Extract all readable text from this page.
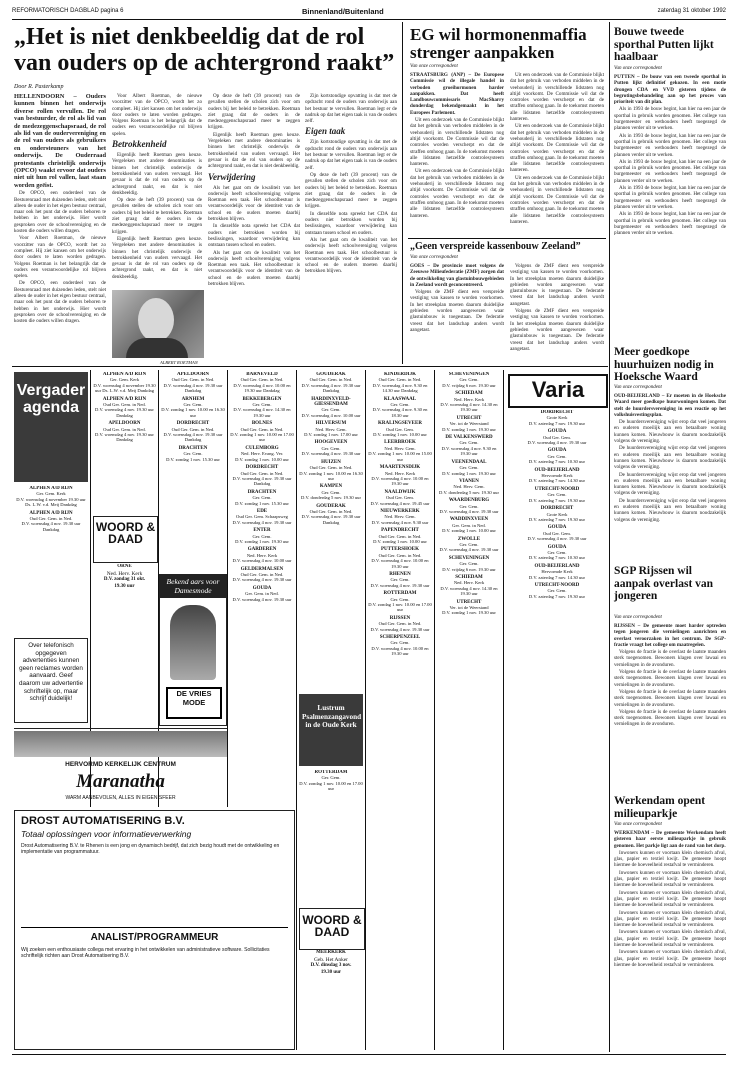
REFORMATORISCH DAGBLAD pagina 6	Binnenland/Buitenland	zaterdag 31 oktober 1992
„Het is niet denkbeeldig dat de rol van ouders op de achtergrond raakt”
Door R. Pasterkamp

HELLENDOORN – Ouders kunnen binnen het onderwijs diverse rollen vervullen. De rol van bestuurder, de rol als lid van de medezeggenschapsraad, de rol als lid van de oudervereniging en de rol van ouders als gebruikers en ondersteuners van het onderwijs. De Ouderraad protestants christelijk onderwijs (OPCO) waakt ervoor dat ouders niet uit hun rol vallen, laat staan worden geëist.

De OPCO, een onderdeel van de Besturenraad met duizenden leden, stelt niet alleen de ouder in het eigen bestuur centraal, maar ook het punt dat de ouders behoren te hebben in het onderwijs. Hier wordt gesproken over de schoolvereniging en de kosten die ouders willen dragen.

Voor Albert Roetman, de nieuwe voorzitter van de OPCO, wordt het zo compleet. Hij ziet kansen om het onderwijs door ouders te laten worden gedragen. Volgens Roetman is het belangrijk dat de ouders een verantwoordelijke rol blijven spelen.

De OPCO, een onderdeel van de Besturenraad met duizenden leden, stelt niet alleen de ouder in het eigen bestuur centraal, maar ook het punt dat de ouders behoren te hebben in het onderwijs. Hier wordt gesproken over de schoolvereniging en de kosten die ouders willen dragen.

Voor Albert Roetman, de nieuwe voorzitter van de OPCO, wordt het zo compleet. Hij ziet kansen om het onderwijs door ouders te laten worden gedragen. Volgens Roetman is het belangrijk dat de ouders een verantwoordelijke rol blijven spelen.

Betrokkenheid

Eigenlijk heeft Roetman geen keuze. Vergeleken met andere denominaties is binnen het christelijk onderwijs de betrokkenheid van ouders vervaagd. Het gevaar is dat de rol van ouders op de achtergrond raakt, en dat is niet denkbeeldig.

Op deze de heft (39 procent) van de gevallen stellen de scholen zich voor om ouders bij het beleid te betrekken. Roetman ziet graag dat de ouders in de medezeggenschapsraad meer te zeggen krijgen.

Eigenlijk heeft Roetman geen keuze. Vergeleken met andere denominaties is binnen het christelijk onderwijs de betrokkenheid van ouders vervaagd. Het gevaar is dat de rol van ouders op de achtergrond raakt, en dat is niet denkbeeldig.

ALBERT ROETMAN

Op deze de heft (39 procent) van de gevallen stellen de scholen zich voor om ouders bij het beleid te betrekken. Roetman ziet graag dat de ouders in de medezeggenschapsraad meer te zeggen krijgen.

Eigenlijk heeft Roetman geen keuze. Vergeleken met andere denominaties is binnen het christelijk onderwijs de betrokkenheid van ouders vervaagd. Het gevaar is dat de rol van ouders op de achtergrond raakt, en dat is niet denkbeeldig.

Verwijdering

Als het gaat om de kwaliteit van het onderwijs heeft schoolvereniging volgens Roetman een taak. Het schoolbestuur is verantwoordelijk voor de identiteit van de school en de ouders moeten daarbij betrokken blijven.

In diezelfde nota spreekt het CDA dat ouders niet betrokken worden bij beslissingen, waardoor verwijdering kan ontstaan tussen school en ouders.

Als het gaat om de kwaliteit van het onderwijs heeft schoolvereniging volgens Roetman een taak. Het schoolbestuur is verantwoordelijk voor de identiteit van de school en de ouders moeten daarbij betrokken blijven.

Zijn kortstondige opvatting is dat met de opdracht rond de ouders van onderwijs aan het bestuur te vervullen. Roetman legt er de nadruk op dat het eigen taak is van de ouders zelf.

Eigen taak

Zijn kortstondige opvatting is dat met de opdracht rond de ouders van onderwijs aan het bestuur te vervullen. Roetman legt er de nadruk op dat het eigen taak is van de ouders zelf.

Op deze de heft (39 procent) van de gevallen stellen de scholen zich voor om ouders bij het beleid te betrekken. Roetman ziet graag dat de ouders in de medezeggenschapsraad meer te zeggen krijgen.

In diezelfde nota spreekt het CDA dat ouders niet betrokken worden bij beslissingen, waardoor verwijdering kan ontstaan tussen school en ouders.

Als het gaat om de kwaliteit van het onderwijs heeft schoolvereniging volgens Roetman een taak. Het schoolbestuur is verantwoordelijk voor de identiteit van de school en de ouders moeten daarbij betrokken blijven.

EG wil hormonenmaffia strenger aanpakken
Van onze correspondent

STRAATSBURG (ANP) – De Europese Commissie wil de illegale handel in verboden groeihormonen harder aanpakken. Dat heeft Landbouwcommissaris MacSharry donderdag bekendgemaakt in het Europees Parlement.

Uit een onderzoek van de Commissie blijkt dat het gebruik van verboden middelen in de veehouderij in verschillende lidstaten nog altijd voorkomt. De Commissie wil dat de controles worden verscherpt en dat de straffen omhoog gaan. In de toekomst moeten alle lidstaten hetzelfde controlesysteem hanteren.

Uit een onderzoek van de Commissie blijkt dat het gebruik van verboden middelen in de veehouderij in verschillende lidstaten nog altijd voorkomt. De Commissie wil dat de controles worden verscherpt en dat de straffen omhoog gaan. In de toekomst moeten alle lidstaten hetzelfde controlesysteem hanteren.

Uit een onderzoek van de Commissie blijkt dat het gebruik van verboden middelen in de veehouderij in verschillende lidstaten nog altijd voorkomt. De Commissie wil dat de controles worden verscherpt en dat de straffen omhoog gaan. In de toekomst moeten alle lidstaten hetzelfde controlesysteem hanteren.

Uit een onderzoek van de Commissie blijkt dat het gebruik van verboden middelen in de veehouderij in verschillende lidstaten nog altijd voorkomt. De Commissie wil dat de controles worden verscherpt en dat de straffen omhoog gaan. In de toekomst moeten alle lidstaten hetzelfde controlesysteem hanteren.

Uit een onderzoek van de Commissie blijkt dat het gebruik van verboden middelen in de veehouderij in verschillende lidstaten nog altijd voorkomt. De Commissie wil dat de controles worden verscherpt en dat de straffen omhoog gaan. In de toekomst moeten alle lidstaten hetzelfde controlesysteem hanteren.

„Geen verspreide kassenbouw Zeeland”
Van onze correspondent

GOES – De provincie moet volgens de Zeeuwse Milieufederatie (ZMF) zorgen dat de ontwikkeling van glastuinbouwgebieden in Zeeland wordt geconcentreerd.

Volgens de ZMF dient een verspreide vestiging van kassen te worden voorkomen. In het streekplan moeten daarom duidelijke gebieden worden aangewezen waar glastuinbouw is toegestaan. De federatie vreest dat het landschap anders wordt aangetast.

Volgens de ZMF dient een verspreide vestiging van kassen te worden voorkomen. In het streekplan moeten daarom duidelijke gebieden worden aangewezen waar glastuinbouw is toegestaan. De federatie vreest dat het landschap anders wordt aangetast.

Volgens de ZMF dient een verspreide vestiging van kassen te worden voorkomen. In het streekplan moeten daarom duidelijke gebieden worden aangewezen waar glastuinbouw is toegestaan. De federatie vreest dat het landschap anders wordt aangetast.

Bouwe tweede sporthal Putten lijkt haalbaar
Van onze correspondent

PUTTEN – De bouw van een tweede sporthal in Putten lijkt definitief gekozen. In een motie drongen CDA en VVD gisteren tijdens de begrotingsbehandeling aan op het proces van prioriteit van dit plan.

Als in 1993 de bouw begint, kan hier na een jaar de sporthal in gebruik worden genomen. Het college van burgemeester en wethouders heeft toegezegd de plannen verder uit te werken.

Als in 1993 de bouw begint, kan hier na een jaar de sporthal in gebruik worden genomen. Het college van burgemeester en wethouders heeft toegezegd de plannen verder uit te werken.

Als in 1993 de bouw begint, kan hier na een jaar de sporthal in gebruik worden genomen. Het college van burgemeester en wethouders heeft toegezegd de plannen verder uit te werken.

Als in 1993 de bouw begint, kan hier na een jaar de sporthal in gebruik worden genomen. Het college van burgemeester en wethouders heeft toegezegd de plannen verder uit te werken.

Als in 1993 de bouw begint, kan hier na een jaar de sporthal in gebruik worden genomen. Het college van burgemeester en wethouders heeft toegezegd de plannen verder uit te werken.

Meer goedkope huurhuizen nodig in Hoeksche Waard
Van onze correspondent

OUD-BEIJERLAND – Er moeten in de Hoeksche Waard meer goedkope huurwoningen komen. Dat stelt de huurdersvereniging in een reactie op het volkshuisvestingsplan.

De huurdersvereniging wijst erop dat veel jongeren en ouderen moeilijk aan een betaalbare woning kunnen komen. Nieuwbouw is daarom noodzakelijk volgens de vereniging.

De huurdersvereniging wijst erop dat veel jongeren en ouderen moeilijk aan een betaalbare woning kunnen komen. Nieuwbouw is daarom noodzakelijk volgens de vereniging.

De huurdersvereniging wijst erop dat veel jongeren en ouderen moeilijk aan een betaalbare woning kunnen komen. Nieuwbouw is daarom noodzakelijk volgens de vereniging.

De huurdersvereniging wijst erop dat veel jongeren en ouderen moeilijk aan een betaalbare woning kunnen komen. Nieuwbouw is daarom noodzakelijk volgens de vereniging.

SGP Rijssen wil aanpak overlast van jongeren
Van onze correspondent

RIJSSEN – De gemeente moet harder optreden tegen jongeren die vernielingen aanrichten en overlast veroorzaken in het centrum. De SGP-fractie vraagt het college om maatregelen.

Volgens de fractie is de overlast de laatste maanden sterk toegenomen. Bewoners klagen over lawaai en vernielingen in de avonduren.

Volgens de fractie is de overlast de laatste maanden sterk toegenomen. Bewoners klagen over lawaai en vernielingen in de avonduren.

Volgens de fractie is de overlast de laatste maanden sterk toegenomen. Bewoners klagen over lawaai en vernielingen in de avonduren.

Volgens de fractie is de overlast de laatste maanden sterk toegenomen. Bewoners klagen over lawaai en vernielingen in de avonduren.

Werkendam opent milieuparkje
Van onze correspondent

WERKENDAM – De gemeente Werkendam heeft gisteren haar eerste milieuparkje in gebruik genomen. Het parkje ligt aan de rand van het dorp.

Inwoners kunnen er voortaan klein chemisch afval, glas, papier en textiel kwijt. De gemeente hoopt hiermee de hoeveelheid restafval te verminderen.

Inwoners kunnen er voortaan klein chemisch afval, glas, papier en textiel kwijt. De gemeente hoopt hiermee de hoeveelheid restafval te verminderen.

Inwoners kunnen er voortaan klein chemisch afval, glas, papier en textiel kwijt. De gemeente hoopt hiermee de hoeveelheid restafval te verminderen.

Inwoners kunnen er voortaan klein chemisch afval, glas, papier en textiel kwijt. De gemeente hoopt hiermee de hoeveelheid restafval te verminderen.

Inwoners kunnen er voortaan klein chemisch afval, glas, papier en textiel kwijt. De gemeente hoopt hiermee de hoeveelheid restafval te verminderen.

Inwoners kunnen er voortaan klein chemisch afval, glas, papier en textiel kwijt. De gemeente hoopt hiermee de hoeveelheid restafval te verminderen.

Vergader agenda
ALPHEN A/D RIJN
Ger. Gem. Kerk
D.V. woensdag 4 november 19.30 uur Ds. L.W. v.d. Meij Dankdag
ALPHEN A/D RIJN
Oud Ger. Gem. in Ned.
D.V. woensdag 4 nov. 19.30 uur Dankdag
Over telefonisch opgegeven advertenties kunnen geen reclames worden aanvaard. Geef daarom uw advertentie schriftelijk op, maar schrijf duidelijk!
ALPHEN A/D RIJN
Ger. Gem. Kerk
D.V. woensdag 4 november 19.30 uur Ds. L.W. v.d. Meij Dankdag
ALPHEN A/D RIJN
Oud Ger. Gem. in Ned.
D.V. woensdag 4 nov. 19.30 uur Dankdag
APELDOORN
Oud Ger. Gem. in Ned.
D.V. woensdag 4 nov. 19.30 uur Dankdag
WOORD & DAAD
ORNE
Ned. Herv. Kerk

D.V. zondag 31 okt.
19.30 uur
APELDOORN
Oud Ger. Gem. in Ned.
D.V. woensdag 4 nov. 19.30 uur Dankdag
ARNHEM
Ger. Gem.
D.V. zondag 1 nov. 10.00 en 16.30 uur
DORDRECHT
Oud Ger. Gem. in Ned.
D.V. woensdag 4 nov. 19.30 uur Dankdag
DRACHTEN
Ger. Gem.
D.V. zondag 1 nov. 15.30 uur
Bekend aars voor Damesmode
DE VRIES MODE
BARNEVELD
Oud Ger. Gem. in Ned.
D.V. woensdag 4 nov. 10.00 en 19.30 uur Dankdag
BEKKEBERGEN
Ger. Gem.
D.V. woensdag 4 nov. 14.30 en 19.30 uur
BOLNES
Oud Ger. Gem. in Ned.
D.V. zondag 1 nov. 10.00 en 17.00 uur
CULEMBORG
Ned. Herv. Evang. Ver.
D.V. zondag 1 nov. 10.00 uur
DORDRECHT
Oud Ger. Gem. in Ned.
D.V. woensdag 4 nov. 19.30 uur Dankdag
DRACHTEN
Ger. Gem.
D.V. zondag 1 nov. 15.30 uur
EDE
Oud Ger. Gem. Schaapsweg
D.V. woensdag 4 nov. 19.30 uur
ENTER
Ger. Gem.
D.V. zondag 1 nov. 19.30 uur
GARDEREN
Ned. Herv. Kerk
D.V. woensdag 4 nov. 10.00 uur
GELDERMALSEN
Oud Ger. Gem. in Ned.
D.V. woensdag 4 nov. 19.30 uur
GOUDA
Ger. Gem. in Ned.
D.V. woensdag 4 nov. 19.30 uur
HERVORMD KERKELIJK CENTRUM
Maranatha
WARM AANBEVOLEN, ALLES IN EIGEN SFEER
GOUDERAK
Oud Ger. Gem. in Ned.
D.V. woensdag 4 nov. 19.30 uur Dankdag
HARDINXVELD-GIESSENDAM
Ger. Gem.
D.V. woensdag 4 nov. 10.00 uur
HILVERSUM
Ned. Herv. Gem.
D.V. zondag 1 nov. 17.00 uur
HOOGEVEEN
Ger. Gem.
D.V. woensdag 4 nov. 19.30 uur
HUIZEN
Oud Ger. Gem. in Ned.
D.V. zondag 1 nov. 10.00 en 16.30 uur
KAMPEN
Ger. Gem.
D.V. donderdag 5 nov. 19.30 uur
GOUDERAK
Oud Ger. Gem. in Ned.
D.V. woensdag 4 nov. 19.30 uur Dankdag
Lustrum Psalmenzangavond in de Oude Kerk
ROTTERDAM
Ger. Gem.
D.V. zondag 1 nov. 10.00 en 17.00 uur
DROST AUTOMATISERING B.V.
Totaal oplossingen voor informatieverwerking
Drost Automatisering B.V. te Rhenen is een jong en dynamisch bedrijf, dat zich bezig houdt met de ontwikkeling en implementatie van programmatuur.
ANALIST/PROGRAMMEUR
Wij zoeken een enthousiaste collega met ervaring in het ontwikkelen van administratieve software. Sollicitaties schriftelijk richten aan Drost Automatisering B.V.
WOORD & DAAD
MEERKERK
Geb. Het Anker

D.V. dinsdag 3 nov.
19.30 uur
KINDERDIJK
Oud Ger. Gem. in Ned.
D.V. woensdag 4 nov. 9.30 en 14.30 uur Dankdag
KLAASWAAL
Ger. Gem.
D.V. woensdag 4 nov. 9.30 en 18.30 uur
KRALINGSEVEER
Oud Ger. Gem.
D.V. zondag 1 nov. 10.00 uur
LEERBROEK
Ned. Herv. Gem.
D.V. zondag 1 nov. 10.00 en 15.00 uur
MAARTENSDIJK
Ned. Herv. Kerk
D.V. woensdag 4 nov. 10.00 en 19.30 uur
NAALDWIJK
Oud Ger. Gem.
D.V. woensdag 4 nov. 19.45 uur
NIEUWERKERK
Ned. Herv. Gem.
D.V. woensdag 4 nov. 9.30 uur
PAPENDRECHT
Oud Ger. Gem. in Ned.
D.V. zondag 1 nov. 10.00 uur
PUTTERSHOEK
Oud Ger. Gem. in Ned.
D.V. woensdag 4 nov. 10.00 en 19.30 uur
RHENEN
Ger. Gem.
D.V. woensdag 4 nov. 19.30 uur
ROTTERDAM
Ger. Gem.
D.V. zondag 1 nov. 10.00 en 17.00 uur
RIJSSEN
Oud Ger. Gem. in Ned.
D.V. woensdag 4 nov. 19.30 uur
SCHERPENZEEL
Ger. Gem.
D.V. woensdag 4 nov. 10.00 en 19.30 uur
SCHEVENINGEN
Ger. Gem.
D.V. vrijdag 6 nov. 19.30 uur
SCHIEDAM
Ned. Herv. Kerk
D.V. woensdag 4 nov. 14.30 en 19.30 uur
UTRECHT
Ver. tot de Weerstand
D.V. zondag 1 nov. 19.30 uur
DE VALKENSWERD
Ger. Gem.
D.V. woensdag 4 nov. 9.30 en 19.30 uur
VEENENDAAL
Ger. Gem.
D.V. zondag 1 nov. 19.30 uur
VIANEN
Ned. Herv. Gem.
D.V. donderdag 5 nov. 19.30 uur
WAARDENBURG
Ger. Gem.
D.V. woensdag 4 nov. 19.30 uur
WADDINXVEEN
Ger. Gem. in Ned.
D.V. zondag 1 nov. 10.00 uur
ZWOLLE
Ger. Gem.
D.V. woensdag 4 nov. 19.30 uur
SCHEVENINGEN
Ger. Gem.
D.V. vrijdag 6 nov. 19.30 uur
SCHIEDAM
Ned. Herv. Kerk
D.V. woensdag 4 nov. 14.30 en 19.30 uur
UTRECHT
Ver. tot de Weerstand
D.V. zondag 1 nov. 19.30 uur
Varia
DORDRECHT
Grote Kerk
D.V. zaterdag 7 nov. 19.30 uur
GOUDA
Oud Ger. Gem.
D.V. woensdag 4 nov. 19.30 uur
GOUDA
Ger. Gem.
D.V. zaterdag 7 nov. 10.30 uur
OUD-BEIJERLAND
Hervormde Kerk
D.V. zaterdag 7 nov. 14.30 uur
UTRECHT-NOORD
Ger. Gem.
D.V. zaterdag 7 nov. 19.30 uur
DORDRECHT
Grote Kerk
D.V. zaterdag 7 nov. 19.30 uur
GOUDA
Oud Ger. Gem.
D.V. woensdag 4 nov. 19.30 uur
GOUDA
Ger. Gem.
D.V. zaterdag 7 nov. 10.30 uur
OUD-BEIJERLAND
Hervormde Kerk
D.V. zaterdag 7 nov. 14.30 uur
UTRECHT-NOORD
Ger. Gem.
D.V. zaterdag 7 nov. 19.30 uur
